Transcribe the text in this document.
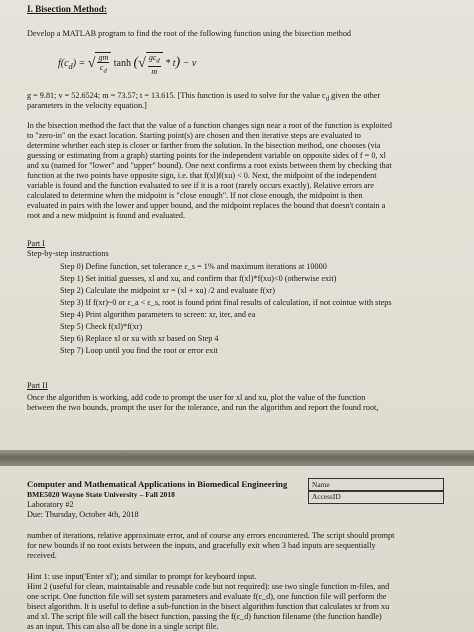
I. Bisection Method:
Develop a MATLAB program to find the root of the following function using the bisection method
$f(c_d)$ = √ $\frac{gm}{c_d}$ tanh (√ $\frac{gc_d}{m} * t) - v$
g = 9.81; v = 52.6524; m = 73.57; t = 13.615. [This function is used to solve for the value $c_d$ given the other
parameters in the velocity equation.]
In the bisection method the fact that the value of a function changes sign near a root of the function is exploited
to "zero-in" on the exact location. Starting point(s) are chosen and then iterative steps are evaluated to
determine whether each step is closer or farther from the solution. In the bisection method, one chooses (via
guessing or estimating from a graph) starting points for the independent variable on opposite sides of f = 0, xl
and xu (named for "lower" and "upper" bound). One next confirms a root exists between them by checking that
function at the two points have opposite sign, i.e. that f(xl)f(xu) < 0. Next, the midpoint of the independent
variable is found and the function evaluated to see if it is a root (rarely occurs exactly). Relative errors are
calculated to determine when the midpoint is "close enough". If not close enough, the midpoint is then
evaluated in pairs with the lower and upper bound, and the midpoint replaces the bound that doesn't contain a
root and a new midpoint is found and evaluated.
Part I
Step-by-step instructions
Step 0) Define function, set tolerance ε_s = 1% and maximum iterations at 10000
Step 1) Set initial guesses, xl and xu, and confirm that f(xl)*f(xu)<0 (otherwise exit)
Step 2) Calculate the midpoint xr = (xl + xu) /2 and evaluate f(xr)
Step 3) If f(xr)~0 or ε_a < ε_s, root is found print final results of calculation, if not cointue with steps
Step 4) Print algorithm parameters to screen: xr, iter, and ea
Step 5) Check f(xl)*f(xr)
Step 6) Replace xl or xu with xr based on Step 4
Step 7) Loop until you find the root or error exit
Part II
Once the algorithm is working, add code to prompt the user for xl and xu, plot the value of the function
between the two bounds, prompt the user for the tolerance, and run the algorithm and report the found root,
Computer and Mathematical Applications in Biomedical Engineering
BME5020 Wayne State University – Fall 2018
Laboratory #2
Due: Thursday, October 4th, 2018
Name
AccessID
number of iterations, relative approximate error, and of course any errors encountered. The script should prompt
for new bounds if no root exists between the inputs, and gracefully exit when 3 bad inputs are sequentially
received.
Hint 1: use input('Enter xl'); and similar to prompt for keyboard input.
Hint 2 (useful for clean, maintainable and reusable code but not required): use two single function m-files, and
one script. One function file will set system parameters and evaluate f(c_d), one function file will perform the
bisect algorithm. It is useful to define a sub-function in the bisect algorithm function that calculates xr from xu
and xl. The script file will call the bisect function, passing the f(c_d) function filename (the function handle)
as an input. This can also all be done in a single script file.
